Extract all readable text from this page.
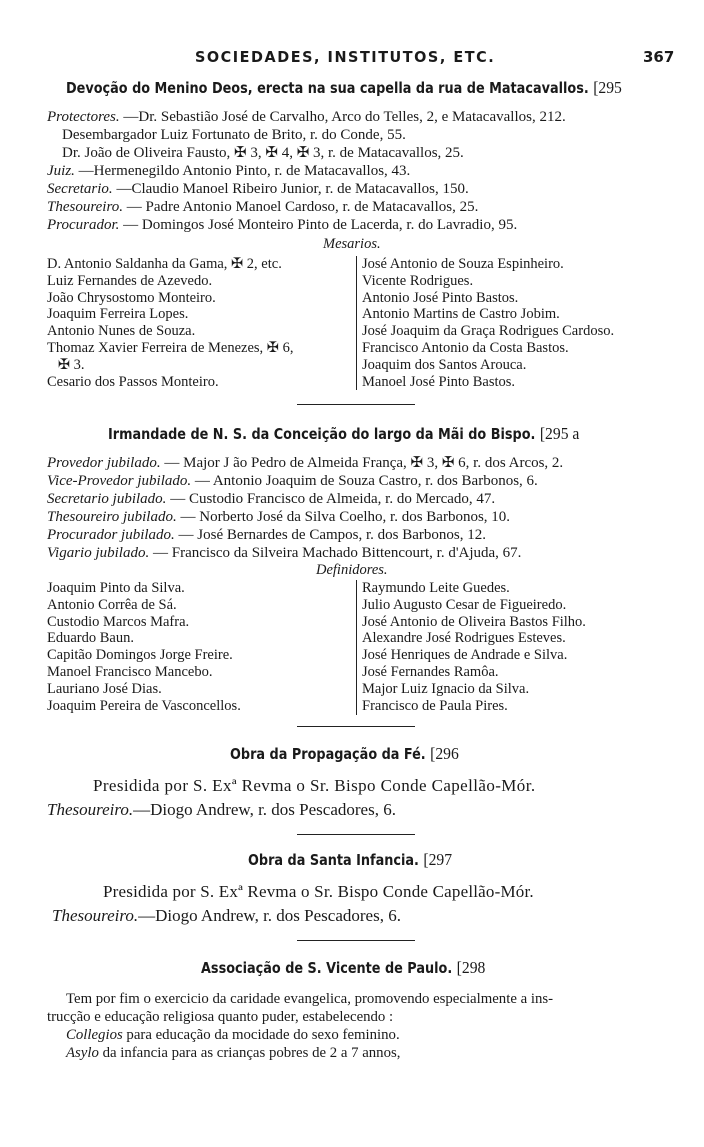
SOCIEDADES, INSTITUTOS, ETC.	367
Devoção do Menino Deos, erecta na sua capella da rua de Matacavallos. [295
Protectores. —Dr. Sebastião José de Carvalho, Arco do Telles, 2, e Matacavallos, 212.
Desembargador Luiz Fortunato de Brito, r. do Conde, 55.
Dr. João de Oliveira Fausto, ✠ 3, ✠ 4, ✠ 3, r. de Matacavallos, 25.
Juiz. —Hermenegildo Antonio Pinto, r. de Matacavallos, 43.
Secretario. —Claudio Manoel Ribeiro Junior, r. de Matacavallos, 150.
Thesoureiro. — Padre Antonio Manoel Cardoso, r. de Matacavallos, 25.
Procurador. — Domingos José Monteiro Pinto de Lacerda, r. do Lavradio, 95.
Mesarios.
D. Antonio Saldanha da Gama, ✠ 2, etc.
Luiz Fernandes de Azevedo.
João Chrysostomo Monteiro.
Joaquim Ferreira Lopes.
Antonio Nunes de Souza.
Thomaz Xavier Ferreira de Menezes, ✠ 6,
✠ 3.
Cesario dos Passos Monteiro.
José Antonio de Souza Espinheiro.
Vicente Rodrigues.
Antonio José Pinto Bastos.
Antonio Martins de Castro Jobim.
José Joaquim da Graça Rodrigues Cardoso.
Francisco Antonio da Costa Bastos.
Joaquim dos Santos Arouca.
Manoel José Pinto Bastos.
Irmandade de N. S. da Conceição do largo da Mãi do Bispo. [295 a
Provedor jubilado. — Major J ão Pedro de Almeida França, ✠ 3, ✠ 6, r. dos Arcos, 2.
Vice-Provedor jubilado. — Antonio Joaquim de Souza Castro, r. dos Barbonos, 6.
Secretario jubilado. — Custodio Francisco de Almeida, r. do Mercado, 47.
Thesoureiro jubilado. — Norberto José da Silva Coelho, r. dos Barbonos, 10.
Procurador jubilado. — José Bernardes de Campos, r. dos Barbonos, 12.
Vigario jubilado. — Francisco da Silveira Machado Bittencourt, r. d'Ajuda, 67.
Definidores.
Joaquim Pinto da Silva.
Antonio Corrêa de Sá.
Custodio Marcos Mafra.
Eduardo Baun.
Capitão Domingos Jorge Freire.
Manoel Francisco Mancebo.
Lauriano José Dias.
Joaquim Pereira de Vasconcellos.
Raymundo Leite Guedes.
Julio Augusto Cesar de Figueiredo.
José Antonio de Oliveira Bastos Filho.
Alexandre José Rodrigues Esteves.
José Henriques de Andrade e Silva.
José Fernandes Ramôa.
Major Luiz Ignacio da Silva.
Francisco de Paula Pires.
Obra da Propagação da Fé. [296
Presidida por S. Exª Revma o Sr. Bispo Conde Capellão-Mór.
Thesoureiro.—Diogo Andrew, r. dos Pescadores, 6.
Obra da Santa Infancia. [297
Presidida por S. Exª Revma o Sr. Bispo Conde Capellão-Mór.
Thesoureiro.—Diogo Andrew, r. dos Pescadores, 6.
Associação de S. Vicente de Paulo. [298
Tem por fim o exercicio da caridade evangelica, promovendo especialmente a ins-
trucção e educação religiosa quanto puder, estabelecendo :
Collegios para educação da mocidade do sexo feminino.
Asylo da infancia para as crianças pobres de 2 a 7 annos,
